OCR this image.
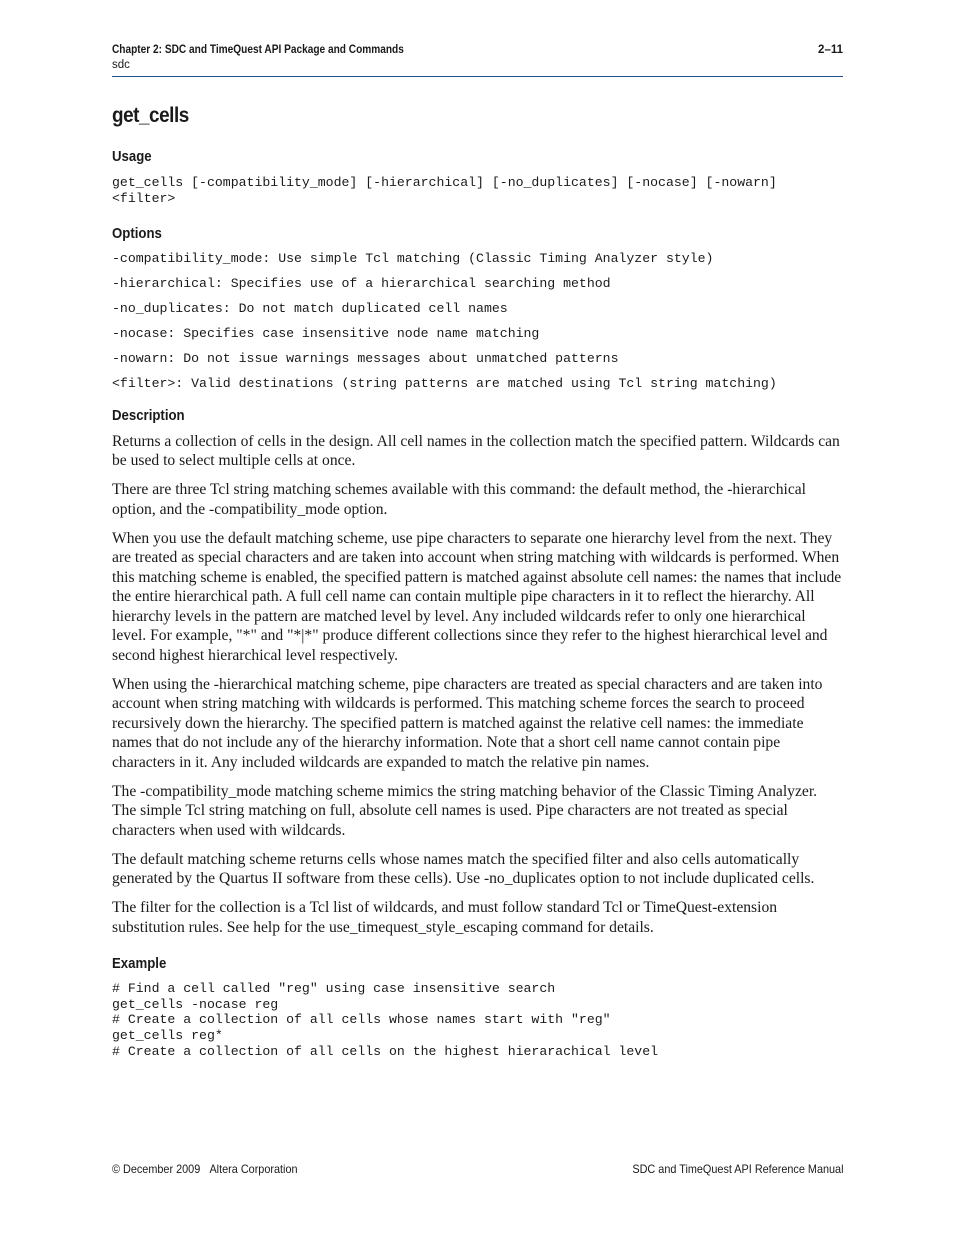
Chapter 2: SDC and TimeQuest API Package and Commands	2–11
sdc
get_cells
Usage

get_cells [-compatibility_mode] [-hierarchical] [-no_duplicates] [-nocase] [-nowarn]

<filter>

Options

-compatibility_mode: Use simple Tcl matching (Classic Timing Analyzer style)

-hierarchical: Specifies use of a hierarchical searching method

-no_duplicates: Do not match duplicated cell names

-nocase: Specifies case insensitive node name matching

-nowarn: Do not issue warnings messages about unmatched patterns

<filter>: Valid destinations (string patterns are matched using Tcl string matching)

Description

Returns a collection of cells in the design. All cell names in the collection match the specified pattern. Wildcards can be used to select multiple cells at once.

There are three Tcl string matching schemes available with this command: the default method, the -hierarchical option, and the -compatibility_mode option.

When you use the default matching scheme, use pipe characters to separate one hierarchy level from the next. They are treated as special characters and are taken into account when string matching with wildcards is performed. When this matching scheme is enabled, the specified pattern is matched against absolute cell names: the names that include the entire hierarchical path. A full cell name can contain multiple pipe characters in it to reflect the hierarchy. All hierarchy levels in the pattern are matched level by level. Any included wildcards refer to only one hierarchical level. For example, "*" and "*|*" produce different collections since they refer to the highest hierarchical level and second highest hierarchical level respectively.

When using the -hierarchical matching scheme, pipe characters are treated as special characters and are taken into account when string matching with wildcards is performed. This matching scheme forces the search to proceed recursively down the hierarchy. The specified pattern is matched against the relative cell names: the immediate names that do not include any of the hierarchy information. Note that a short cell name cannot contain pipe characters in it. Any included wildcards are expanded to match the relative pin names.

The -compatibility_mode matching scheme mimics the string matching behavior of the Classic Timing Analyzer. The simple Tcl string matching on full, absolute cell names is used. Pipe characters are not treated as special characters when used with wildcards.

The default matching scheme returns cells whose names match the specified filter and also cells automatically generated by the Quartus II software from these cells). Use -no_duplicates option to not include duplicated cells.

The filter for the collection is a Tcl list of wildcards, and must follow standard Tcl or TimeQuest-extension substitution rules. See help for the use_timequest_style_escaping command for details.

Example

# Find a cell called "reg" using case insensitive search

get_cells -nocase reg

# Create a collection of all cells whose names start with "reg"

get_cells reg*

# Create a collection of all cells on the highest hierarachical level

© December 2009 Altera Corporation	SDC and TimeQuest API Reference Manual
